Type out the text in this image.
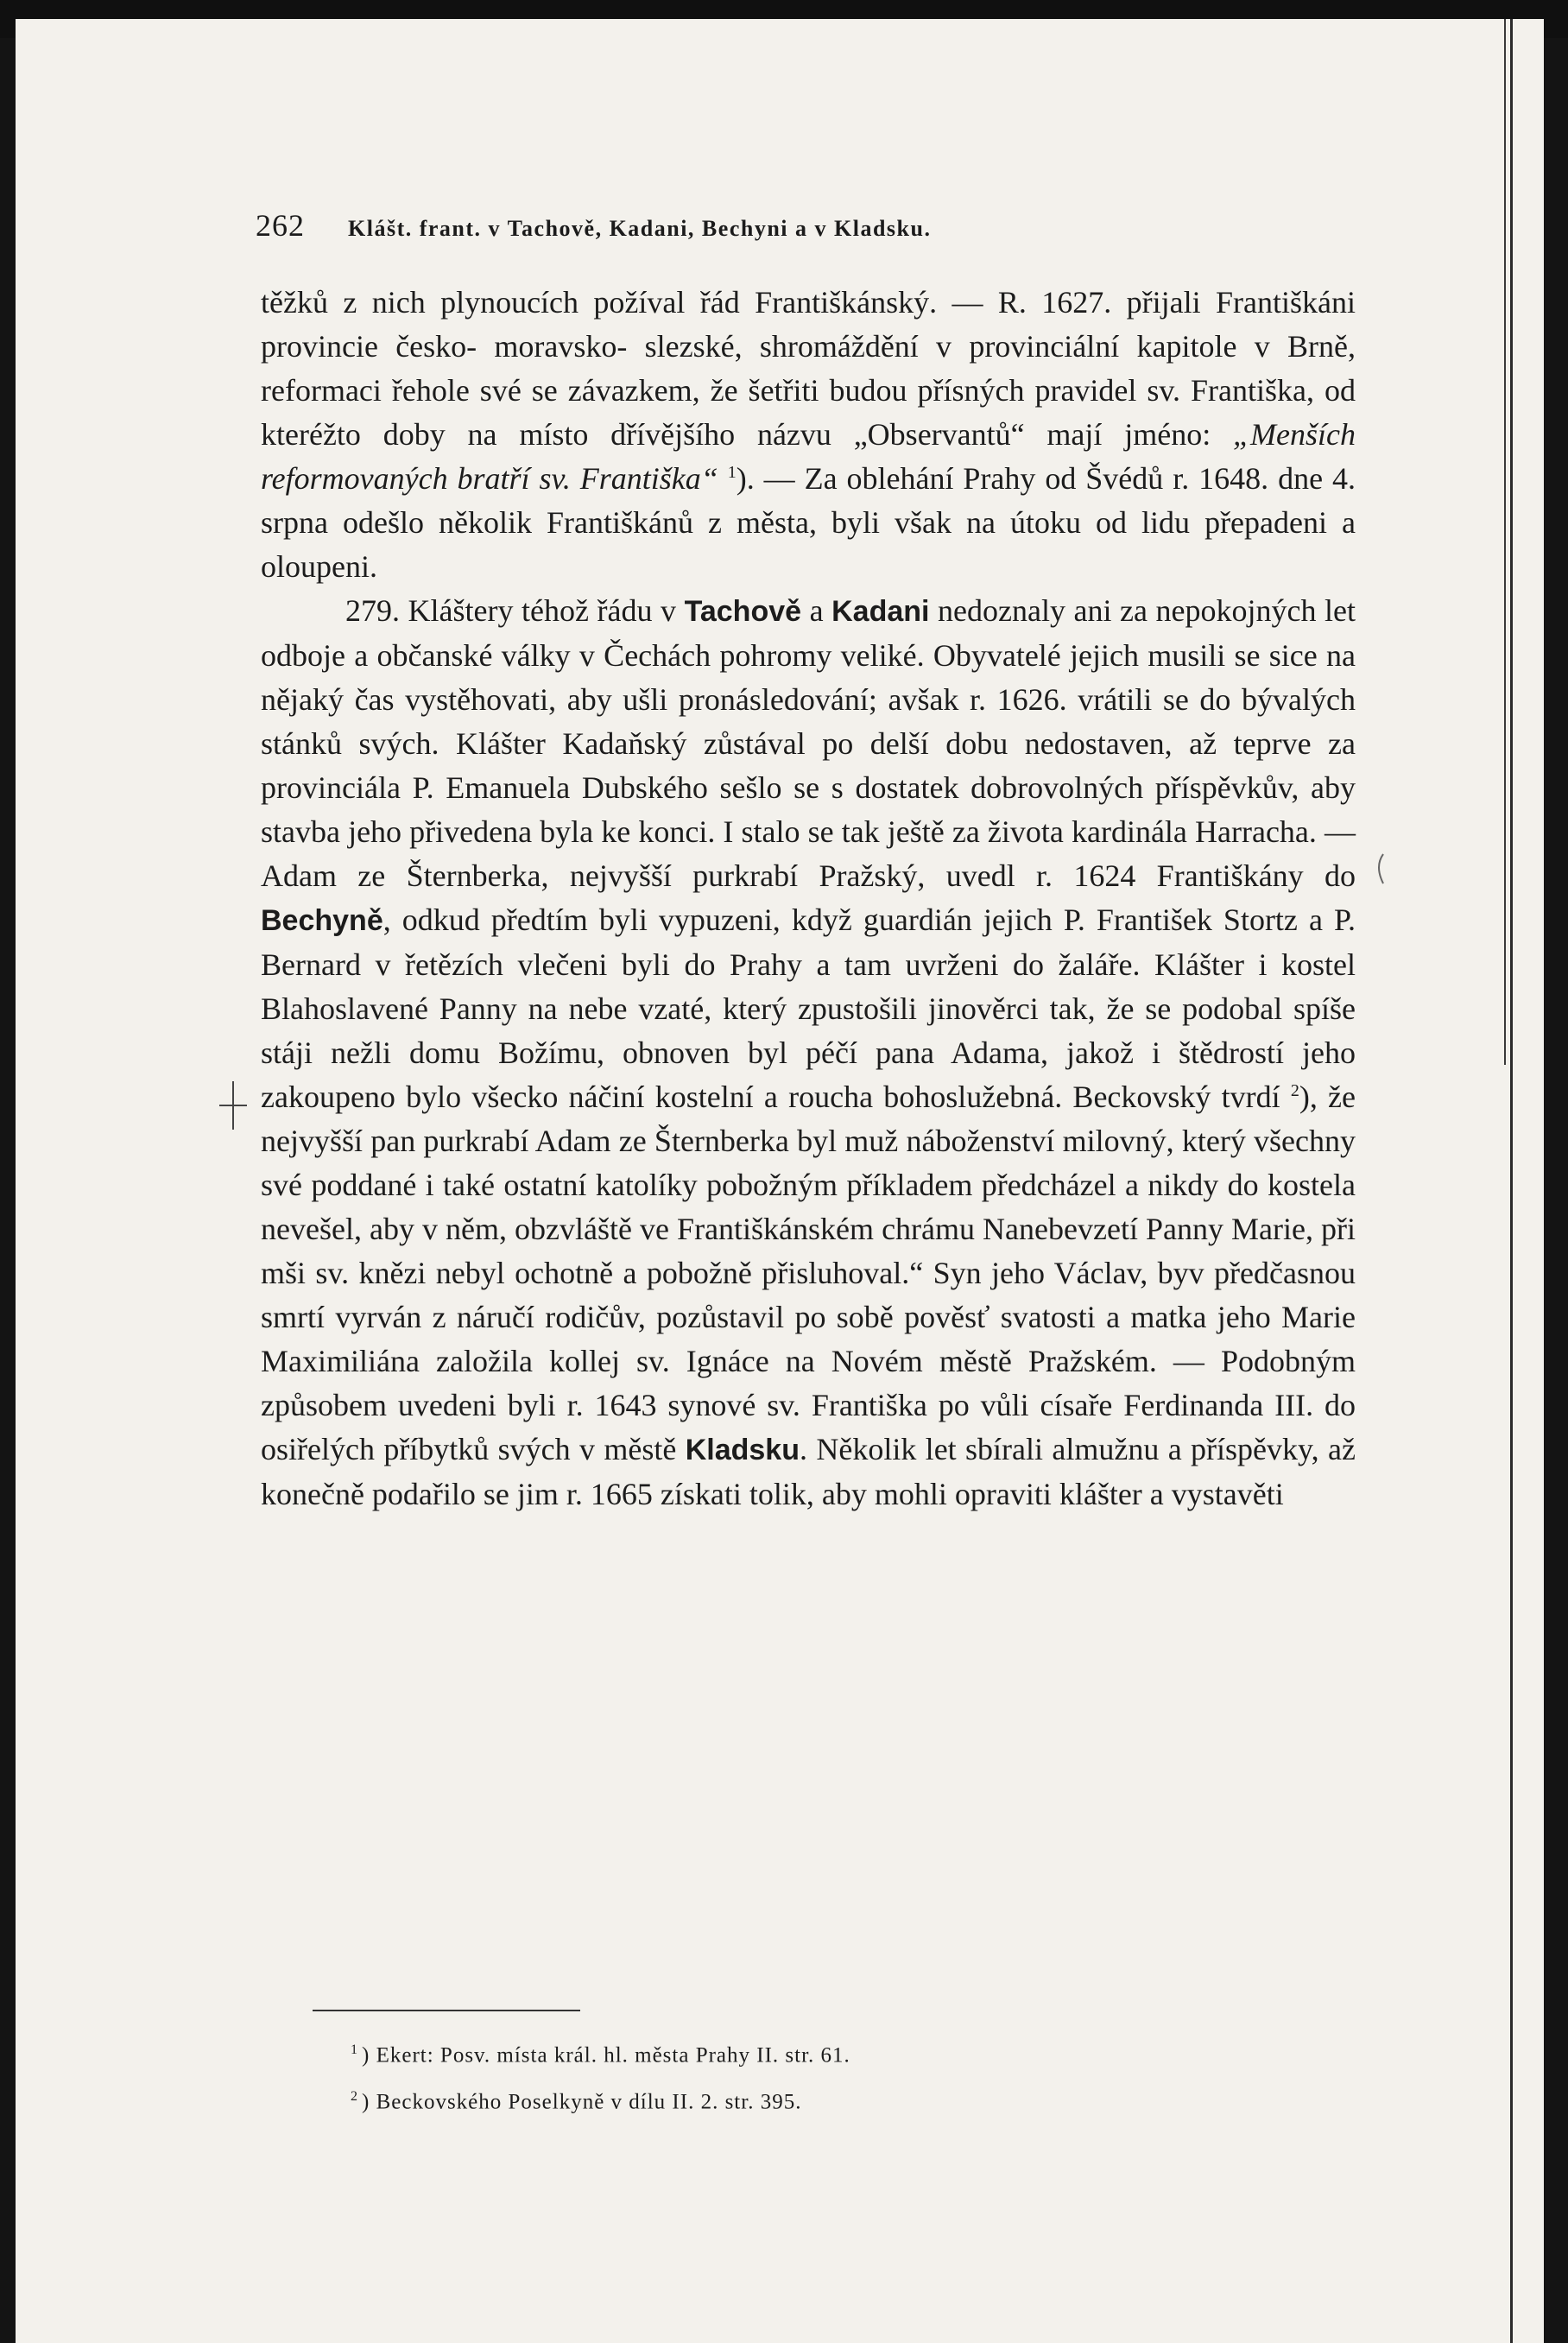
262 Klášt. frant. v Tachově, Kadani, Bechyni a v Kladsku.

těžků z nich plynoucích požíval řád Františkánský. — R. 1627. přijali Františkáni provincie česko- moravsko- slezské, shromáždění v provinciální kapitole v Brně, reformaci řehole své se závazkem, že šetřiti budou přísných pravidel sv. Františka, od kteréžto doby na místo dřívějšího názvu „Observantů“ mají jméno: „Menších reformovaných bratří sv. Františka“ $^1$). — Za oblehání Prahy od Švédů r. 1648. dne 4. srpna odešlo několik Františkánů z města, byli však na útoku od lidu přepadeni a oloupeni.

279. Kláštery téhož řádu v Tachově a Kadani nedoznaly ani za nepokojných let odboje a občanské války v Čechách pohromy veliké. Obyvatelé jejich musili se sice na nějaký čas vystěhovati, aby ušli pronásledování; avšak r. 1626. vrátili se do bývalých stánků svých. Klášter Kadaňský zůstával po delší dobu nedostaven, až teprve za provinciála P. Emanuela Dubského sešlo se s dostatek dobrovolných příspěvkův, aby stavba jeho přivedena byla ke konci. I stalo se tak ještě za života kardinála Harracha. — Adam ze Šternberka, nejvyšší purkrabí Pražský, uvedl r. 1624 Františkány do Bechyně, odkud předtím byli vypuzeni, když guardián jejich P. František Stortz a P. Bernard v řetězích vlečeni byli do Prahy a tam uvrženi do žaláře. Klášter i kostel Blahoslavené Panny na nebe vzaté, který zpustošili jinověrci tak, že se podobal spíše stáji nežli domu Božímu, obnoven byl péčí pana Adama, jakož i štědrostí jeho zakoupeno bylo všecko náčiní kostelní a roucha bohoslužebná. Beckovský tvrdí $^2$), že nejvyšší pan purkrabí Adam ze Šternberka byl muž náboženství milovný, který všechny své poddané i také ostatní katolíky pobožným příkladem předcházel a nikdy do kostela nevešel, aby v něm, obzvláště ve Františkánském chrámu Nanebevzetí Panny Marie, při mši sv. knězi nebyl ochotně a pobožně přisluhoval.“ Syn jeho Václav, byv předčasnou smrtí vyrván z náručí rodičův, pozůstavil po sobě pověsť svatosti a matka jeho Marie Maximiliána založila kollej sv. Ignáce na Novém městě Pražském. — Podobným způsobem uvedeni byli r. 1643 synové sv. Františka po vůli císaře Ferdinanda III. do osiřelých příbytků svých v městě Kladsku. Několik let sbírali almužnu a příspěvky, až konečně podařilo se jim r. 1665 získati tolik, aby mohli opraviti klášter a vystavěti

$^1$ ) Ekert: Posv. místa král. hl. města Prahy II. str. 61.
$^2$ ) Beckovského Poselkyně v dílu II. 2. str. 395.
